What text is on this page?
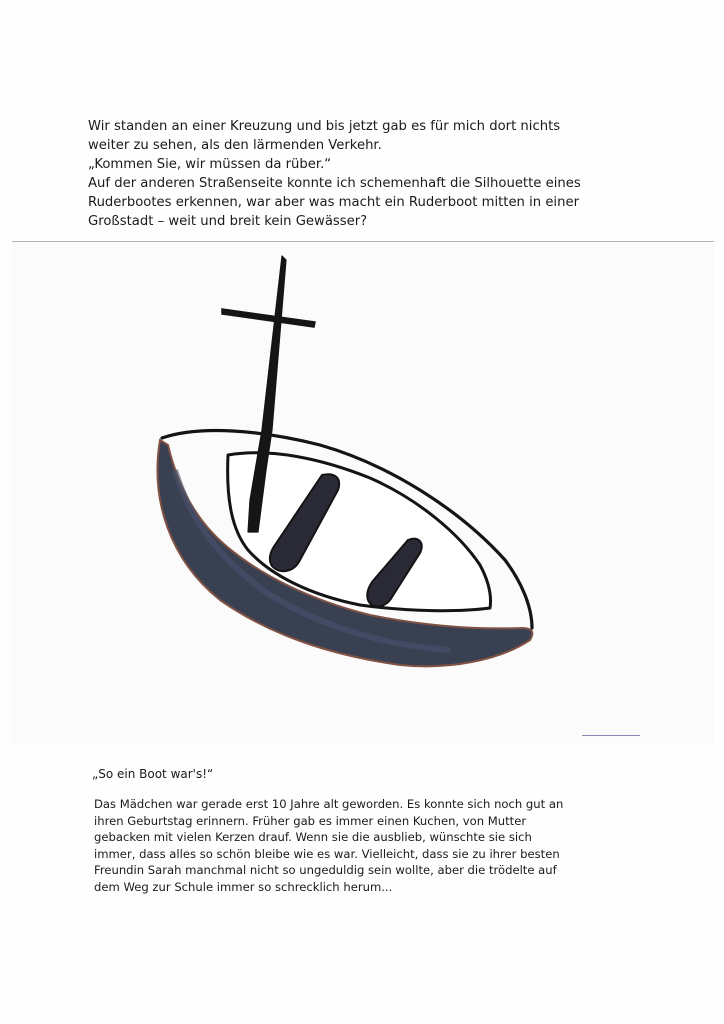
Wir standen an einer Kreuzung und bis jetzt gab es für mich dort nichts
weiter zu sehen, als den lärmenden Verkehr.
„Kommen Sie, wir müssen da rüber.“
Auf der anderen Straßenseite konnte ich schemenhaft die Silhouette eines
Ruderbootes erkennen, war aber was macht ein Ruderboot mitten in einer
Großstadt – weit und breit kein Gewässer?
„So ein Boot war's!“
Das Mädchen war gerade erst 10 Jahre alt geworden. Es konnte sich noch gut an
ihren Geburtstag erinnern. Früher gab es immer einen Kuchen, von Mutter
gebacken mit vielen Kerzen drauf. Wenn sie die ausblieb, wünschte sie sich
immer, dass alles so schön bleibe wie es war. Vielleicht, dass sie zu ihrer besten
Freundin Sarah manchmal nicht so ungeduldig sein wollte, aber die trödelte auf
dem Weg zur Schule immer so schrecklich herum...
